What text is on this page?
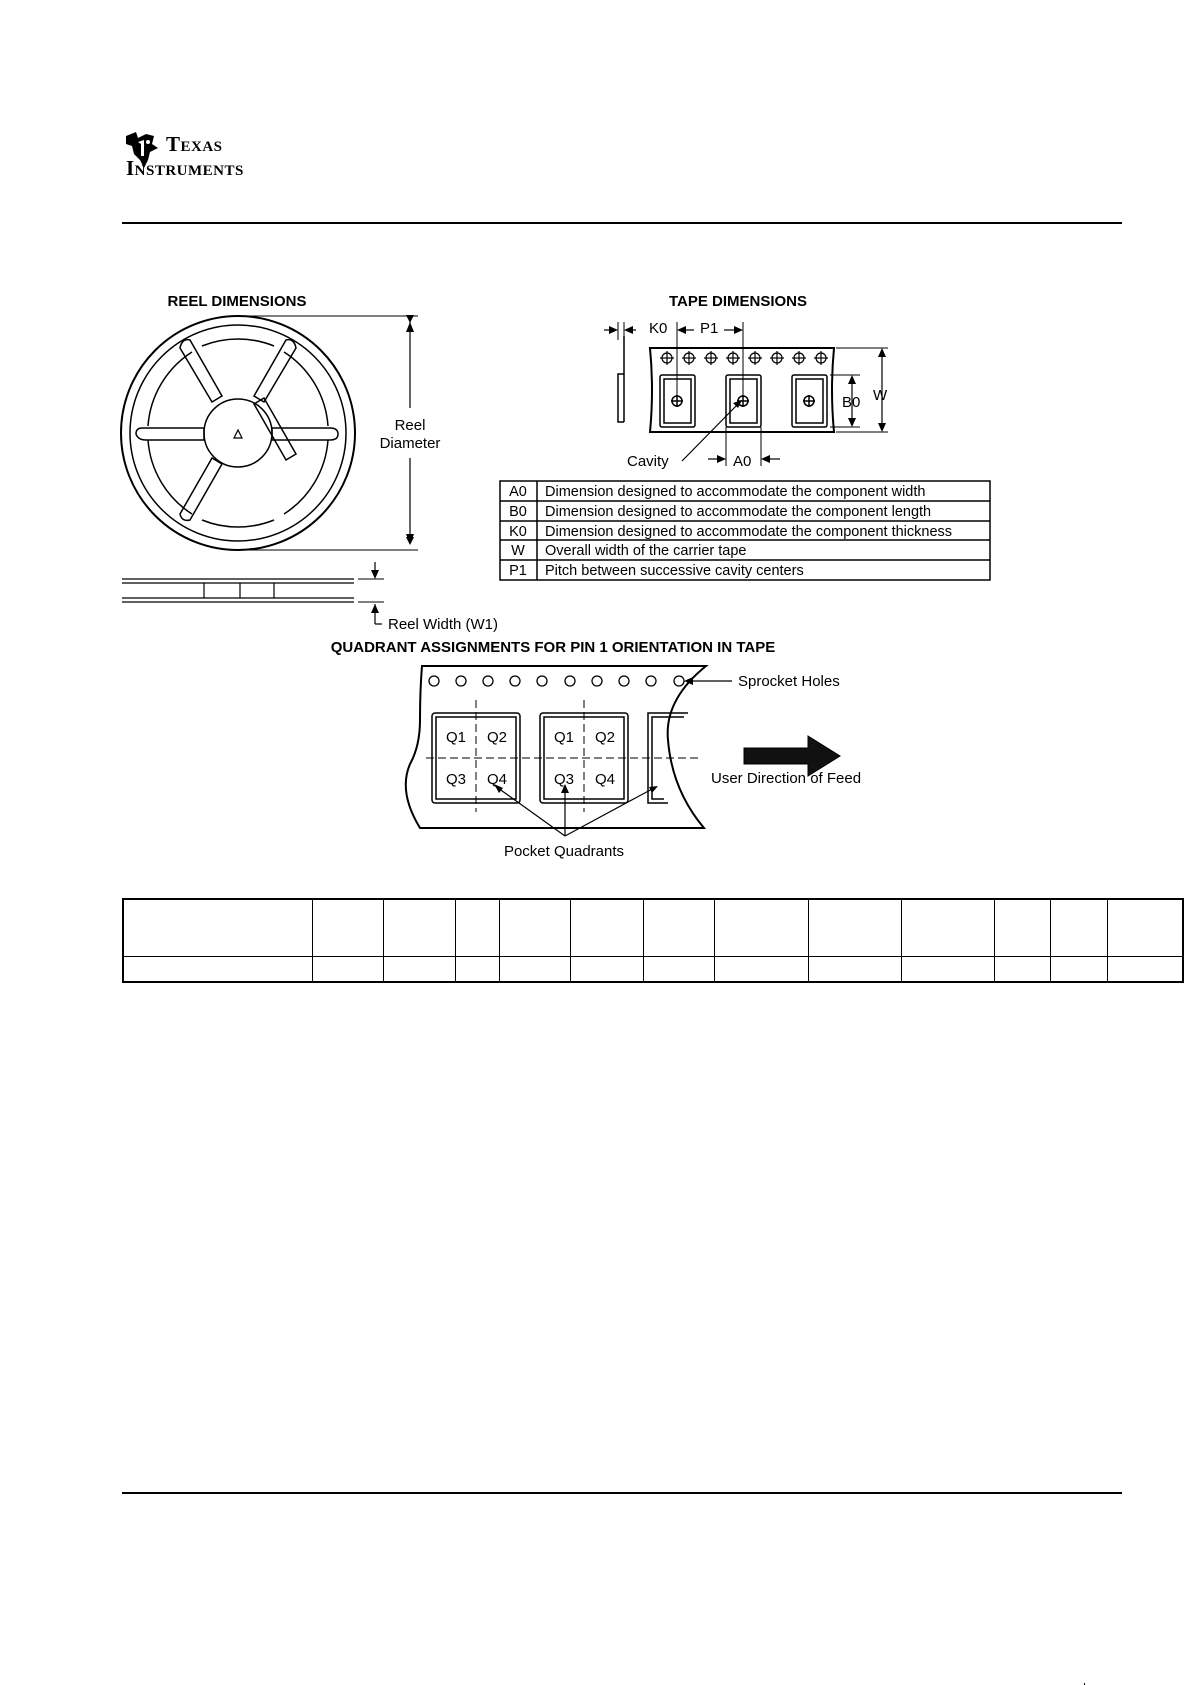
Texas
Instruments
REEL DIMENSIONS
Reel
Diameter
Reel Width (W1)
TAPE DIMENSIONS
K0 P1
B0 W
A0
Cavity
A0 Dimension designed to accommodate the component width
B0 Dimension designed to accommodate the component length
K0 Dimension designed to accommodate the component thickness
W Overall width of the carrier tape
P1 Pitch between successive cavity centers
QUADRANT ASSIGNMENTS FOR PIN 1 ORIENTATION IN TAPE
Q1 Q2
Q3 Q4
Q1 Q2
Q3 Q4
Sprocket Holes
User Direction of Feed
Pocket Quadrants
